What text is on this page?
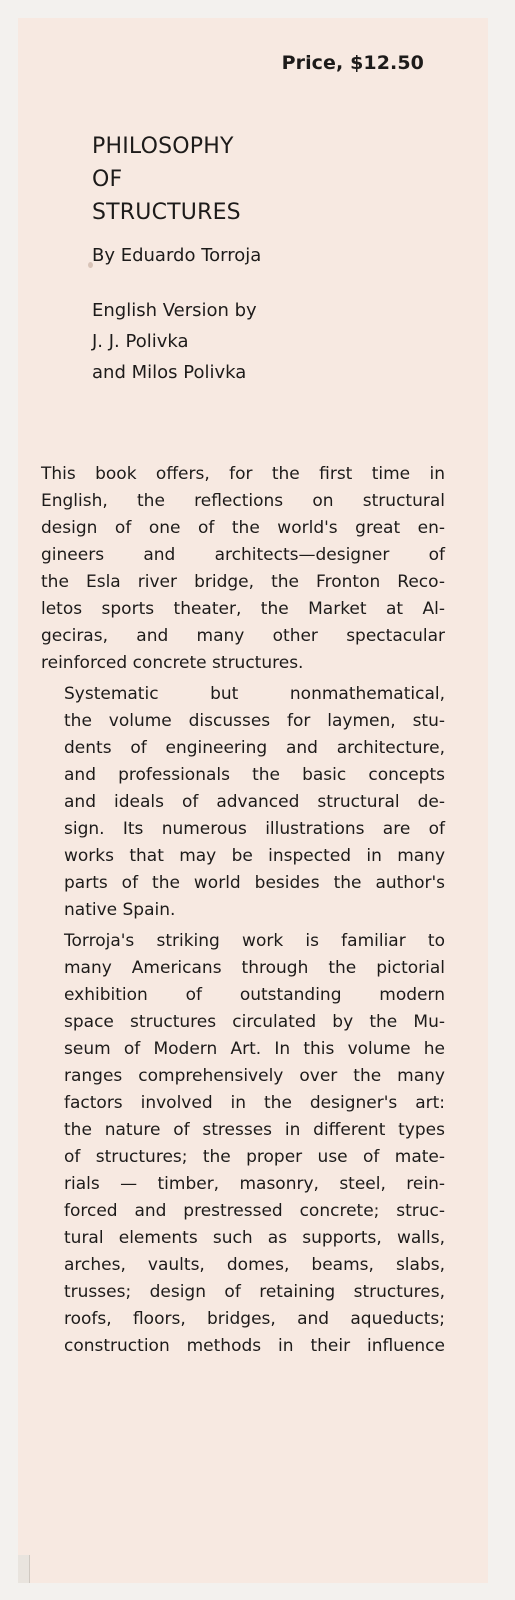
Price, $12.50
PHILOSOPHY
OF
STRUCTURES
By Eduardo Torroja
English Version by
J. J. Polivka
and Milos Polivka

This book offers, for the first time in
English, the reflections on structural
design of one of the world's great en-
gineers and architects—designer of
the Esla river bridge, the Fronton Reco-
letos sports theater, the Market at Al-
geciras, and many other spectacular
reinforced concrete structures.

Systematic but nonmathematical,
the volume discusses for laymen, stu-
dents of engineering and architecture,
and professionals the basic concepts
and ideals of advanced structural de-
sign. Its numerous illustrations are of
works that may be inspected in many
parts of the world besides the author's
native Spain.

Torroja's striking work is familiar to
many Americans through the pictorial
exhibition of outstanding modern
space structures circulated by the Mu-
seum of Modern Art. In this volume he
ranges comprehensively over the many
factors involved in the designer's art:
the nature of stresses in different types
of structures; the proper use of mate-
rials — timber, masonry, steel, rein-
forced and prestressed concrete; struc-
tural elements such as supports, walls,
arches, vaults, domes, beams, slabs,
trusses; design of retaining structures,
roofs, floors, bridges, and aqueducts;
construction methods in their influence
